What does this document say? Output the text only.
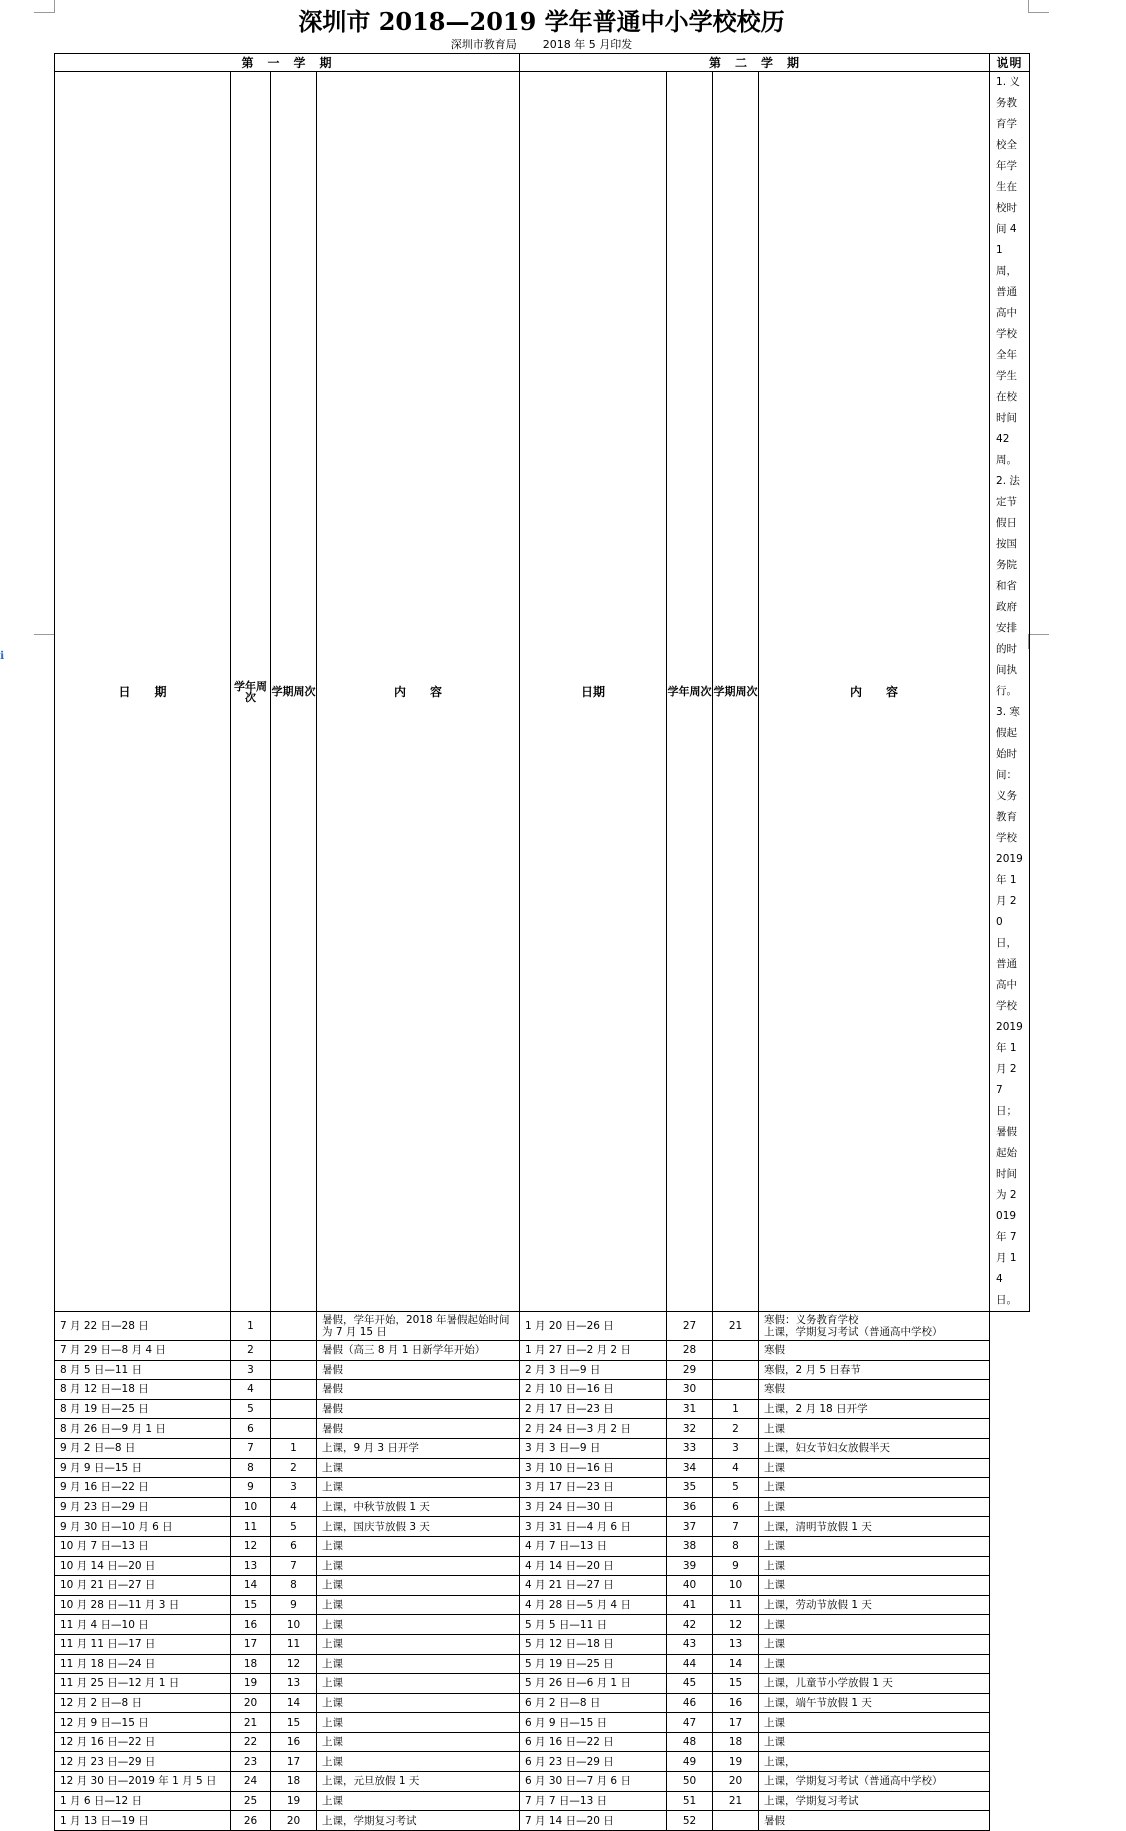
ℹ
深圳市 2018—2019 学年普通中小学校校历
深圳市教育局 2018 年 5 月印发
第　一　学　期				第　二　学　期				说明
日　　期	学年周次	学期周次	内　　容	日期	学年周次	学期周次	内　　容	1. 义务教育学校全年学生在校时间 41 周，普通高中学校全年学生在校时间 42 周。
2. 法定节假日按国务院和省政府安排的时间执行。
3. 寒假起始时间：义务教育学校 2019 年 1 月 20 日，普通高中学校 2019 年 1 月 27 日；暑假起始时间为 2019 年 7 月 14 日。

7 月 22 日—28 日	1		暑假，学年开始，2018 年暑假起始时间为 7 月 15 日	1 月 20 日—26 日	27	21	寒假：义务教育学校
上课，学期复习考试（普通高中学校）	
7 月 29 日—8 月 4 日	2		暑假（高三 8 月 1 日新学年开始）	1 月 27 日—2 月 2 日	28		寒假	
8 月 5 日—11 日	3		暑假	2 月 3 日—9 日	29		寒假，2 月 5 日春节	
8 月 12 日—18 日	4		暑假	2 月 10 日—16 日	30		寒假	
8 月 19 日—25 日	5		暑假	2 月 17 日—23 日	31	1	上课，2 月 18 日开学	
8 月 26 日—9 月 1 日	6		暑假	2 月 24 日—3 月 2 日	32	2	上课	
9 月 2 日—8 日	7	1	上课，9 月 3 日开学	3 月 3 日—9 日	33	3	上课，妇女节妇女放假半天	
9 月 9 日—15 日	8	2	上课	3 月 10 日—16 日	34	4	上课	
9 月 16 日—22 日	9	3	上课	3 月 17 日—23 日	35	5	上课	
9 月 23 日—29 日	10	4	上课，中秋节放假 1 天	3 月 24 日—30 日	36	6	上课	
9 月 30 日—10 月 6 日	11	5	上课，国庆节放假 3 天	3 月 31 日—4 月 6 日	37	7	上课，清明节放假 1 天	
10 月 7 日—13 日	12	6	上课	4 月 7 日—13 日	38	8	上课	
10 月 14 日—20 日	13	7	上课	4 月 14 日—20 日	39	9	上课	
10 月 21 日—27 日	14	8	上课	4 月 21 日—27 日	40	10	上课	
10 月 28 日—11 月 3 日	15	9	上课	4 月 28 日—5 月 4 日	41	11	上课，劳动节放假 1 天	
11 月 4 日—10 日	16	10	上课	5 月 5 日—11 日	42	12	上课	
11 月 11 日—17 日	17	11	上课	5 月 12 日—18 日	43	13	上课	
11 月 18 日—24 日	18	12	上课	5 月 19 日—25 日	44	14	上课	
11 月 25 日—12 月 1 日	19	13	上课	5 月 26 日—6 月 1 日	45	15	上课，儿童节小学放假 1 天	
12 月 2 日—8 日	20	14	上课	6 月 2 日—8 日	46	16	上课，端午节放假 1 天	
12 月 9 日—15 日	21	15	上课	6 月 9 日—15 日	47	17	上课	
12 月 16 日—22 日	22	16	上课	6 月 16 日—22 日	48	18	上课	
12 月 23 日—29 日	23	17	上课	6 月 23 日—29 日	49	19	上课，	
12 月 30 日—2019 年 1 月 5 日	24	18	上课，元旦放假 1 天	6 月 30 日—7 月 6 日	50	20	上课，学期复习考试（普通高中学校）	
1 月 6 日—12 日	25	19	上课	7 月 7 日—13 日	51	21	上课，学期复习考试	
1 月 13 日—19 日	26	20	上课，学期复习考试	7 月 14 日—20 日	52		暑假	
